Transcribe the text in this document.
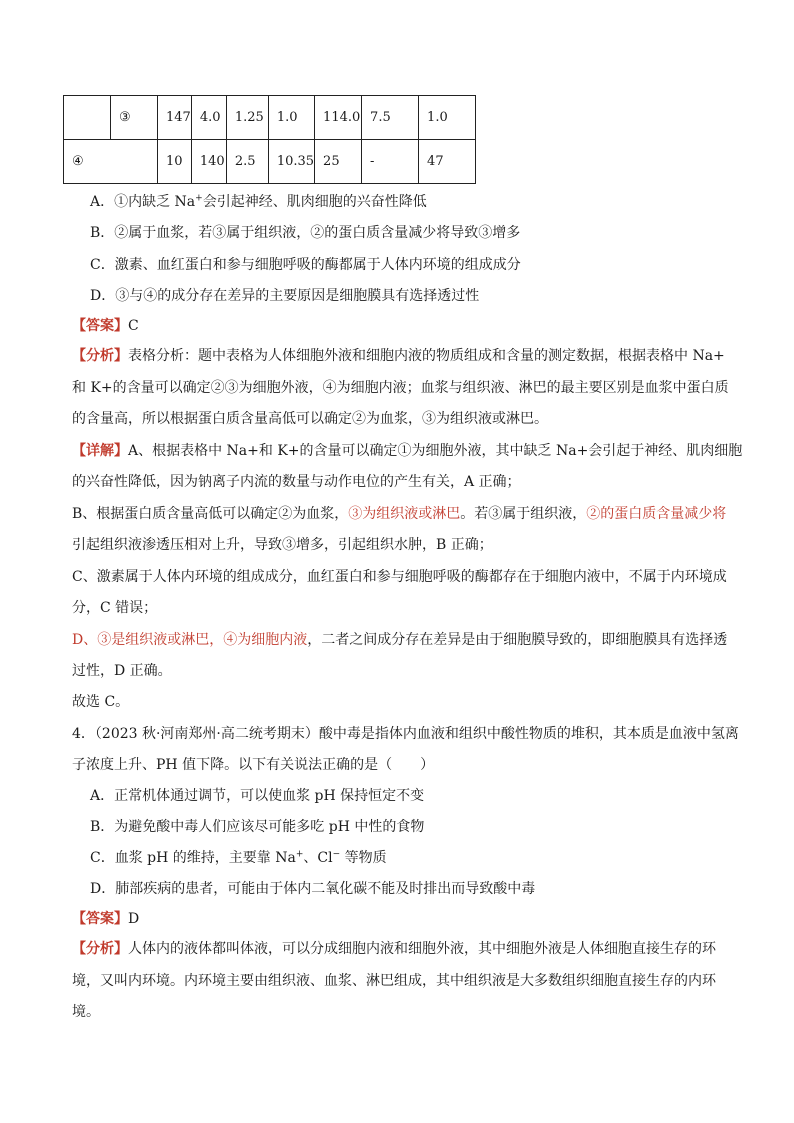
	③	147	4.0	1.25	1.0	114.0	7.5	1.0
④		10	140	2.5	10.35	25	-	47
A．①内缺乏 Na+会引起神经、肌肉细胞的兴奋性降低
B．②属于血浆，若③属于组织液，②的蛋白质含量减少将导致③增多
C．激素、血红蛋白和参与细胞呼吸的酶都属于人体内环境的组成成分
D．③与④的成分存在差异的主要原因是细胞膜具有选择透过性
【答案】C
【分析】表格分析：题中表格为人体细胞外液和细胞内液的物质组成和含量的测定数据，根据表格中 Na+
和 K+的含量可以确定②③为细胞外液，④为细胞内液；血浆与组织液、淋巴的最主要区别是血浆中蛋白质
的含量高，所以根据蛋白质含量高低可以确定②为血浆，③为组织液或淋巴。
【详解】A、根据表格中 Na+和 K+的含量可以确定①为细胞外液，其中缺乏 Na+会引起于神经、肌肉细胞
的兴奋性降低，因为钠离子内流的数量与动作电位的产生有关，A 正确；
B、根据蛋白质含量高低可以确定②为血浆，③为组织液或淋巴。若③属于组织液，②的蛋白质含量减少将
引起组织液渗透压相对上升，导致③增多，引起组织水肿，B 正确；
C、激素属于人体内环境的组成成分，血红蛋白和参与细胞呼吸的酶都存在于细胞内液中，不属于内环境成
分，C 错误；
D、③是组织液或淋巴，④为细胞内液，二者之间成分存在差异是由于细胞膜导致的，即细胞膜具有选择透
过性，D 正确。
故选 C。
4．（2023 秋·河南郑州·高二统考期末）酸中毒是指体内血液和组织中酸性物质的堆积，其本质是血液中氢离
子浓度上升、PH 值下降。以下有关说法正确的是（　　）
A．正常机体通过调节，可以使血浆 pH 保持恒定不变
B．为避免酸中毒人们应该尽可能多吃 pH 中性的食物
C．血浆 pH 的维持，主要靠 Na+、Cl− 等物质
D．肺部疾病的患者，可能由于体内二氧化碳不能及时排出而导致酸中毒
【答案】D
【分析】人体内的液体都叫体液，可以分成细胞内液和细胞外液，其中细胞外液是人体细胞直接生存的环
境，又叫内环境。内环境主要由组织液、血浆、淋巴组成，其中组织液是大多数组织细胞直接生存的内环
境。
